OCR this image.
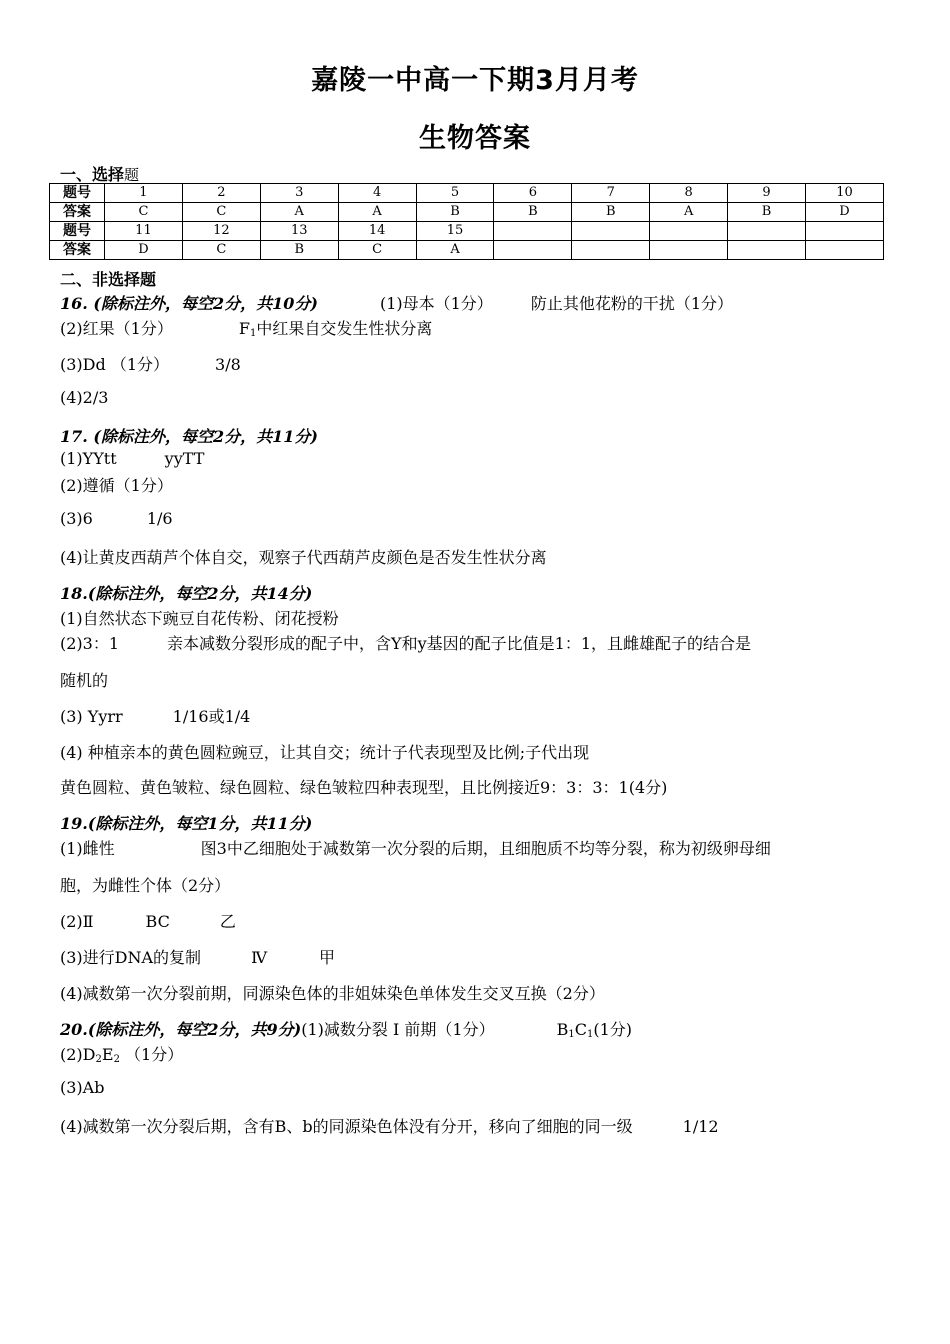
嘉陵一中高一下期3月月考
生物答案
一、选择题
题号	1	2	3	4	5	6	7	8	9	10
答案	C	C	A	A	B	B	B	A	B	D
题号	11	12	13	14	15					
答案	D	C	B	C	A					
二、非选择题
16. (除标注外，每空2分，共10分)	(1)母本（1分） 防止其他花粉的干扰（1分）
(2)红果（1分）	$F_1$中红果自交发生性状分离
(3)Dd （1分）	3/8
(4)2/3
17. (除标注外，每空2分，共11分)
(1)YYtt	yyTT
(2)遵循（1分）
(3)6	1/6
(4)让黄皮西葫芦个体自交，观察子代西葫芦皮颜色是否发生性状分离
18.(除标注外，每空2分，共14分)
(1)自然状态下豌豆自花传粉、闭花授粉
(2)3：1	亲本减数分裂形成的配子中，含Y和y基因的配子比值是1：1，且雌雄配子的结合是
随机的
(3) Yyrr	1/16或1/4
(4) 种植亲本的黄色圆粒豌豆，让其自交；统计子代表现型及比例;子代出现
黄色圆粒、黄色皱粒、绿色圆粒、绿色皱粒四种表现型，且比例接近9：3：3：1(4分)
19.(除标注外，每空1分，共11分)
(1)雌性	图3中乙细胞处于减数第一次分裂的后期，且细胞质不均等分裂，称为初级卵母细
胞，为雌性个体（2分）
(2)Ⅱ	BC	乙
(3)进行DNA的复制	Ⅳ	甲
(4)减数第一次分裂前期，同源染色体的非姐妹染色单体发生交叉互换（2分）
20.(除标注外，每空2分，共9分)(1)减数分裂 Ⅰ 前期（1分）	$B_1C_1(1$分)
$(2)D_2E_2$ （1分）
(3)Ab
(4)减数第一次分裂后期，含有B、b的同源染色体没有分开，移向了细胞的同一级	1/12
